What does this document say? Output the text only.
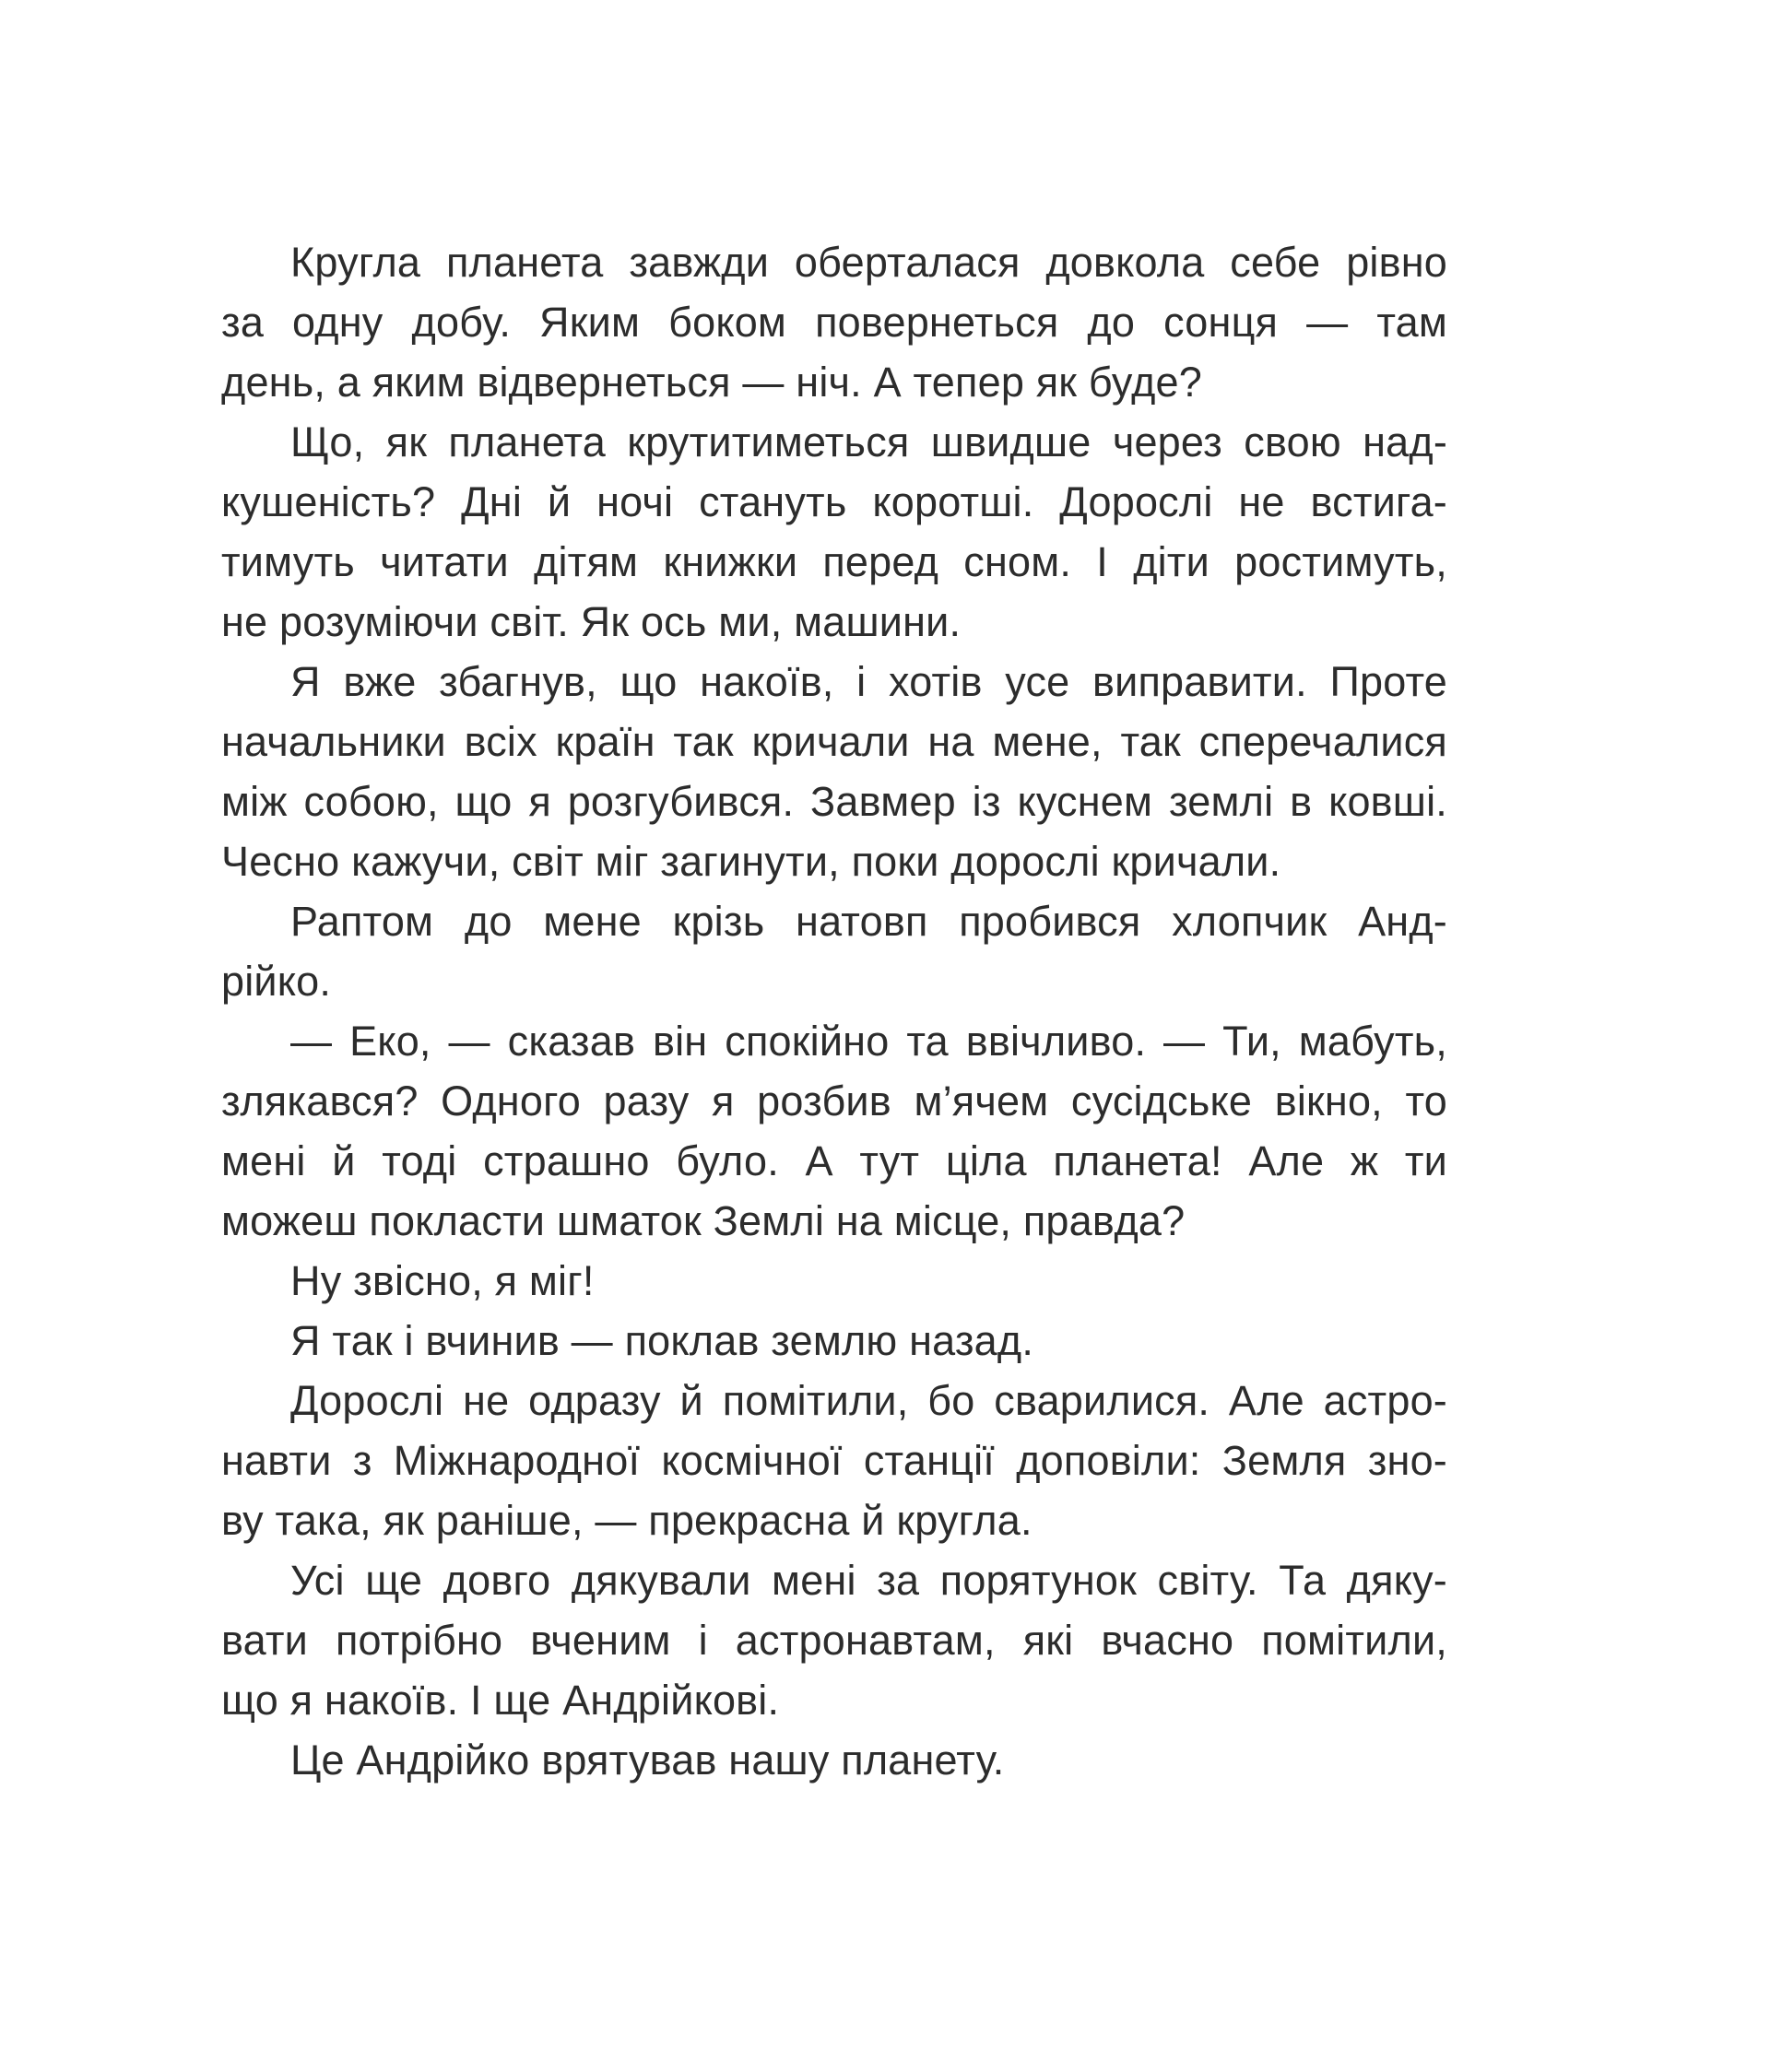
Кругла планета завжди оберталася довкола себе рівно
за одну добу. Яким боком повернеться до сонця — там
день, а яким відвернеться — ніч. А тепер як буде?

Що, як планета крутитиметься швидше через свою над-
кушеність? Дні й ночі стануть коротші. Дорослі не встига-
тимуть читати дітям книжки перед сном. І діти ростимуть,
не розуміючи світ. Як ось ми, машини.

Я вже збагнув, що накоїв, і хотів усе виправити. Проте
начальники всіх країн так кричали на мене, так сперечалися
між собою, що я розгубився. Завмер із куснем землі в ковші.
Чесно кажучи, світ міг загинути, поки дорослі кричали.

Раптом до мене крізь натовп пробився хлопчик Анд-
рійко.

— Еко, — сказав він спокійно та ввічливо. — Ти, мабуть,
злякався? Одного разу я розбив м’ячем сусідське вікно, то
мені й тоді страшно було. А тут ціла планета! Але ж ти
можеш покласти шматок Землі на місце, правда?

Ну звісно, я міг!

Я так і вчинив — поклав землю назад.

Дорослі не одразу й помітили, бо сварилися. Але астро-
навти з Міжнародної космічної станції доповіли: Земля зно-
ву така, як раніше, — прекрасна й кругла.

Усі ще довго дякували мені за порятунок світу. Та дяку-
вати потрібно вченим і астронавтам, які вчасно помітили,
що я накоїв. І ще Андрійкові.

Це Андрійко врятував нашу планету.
